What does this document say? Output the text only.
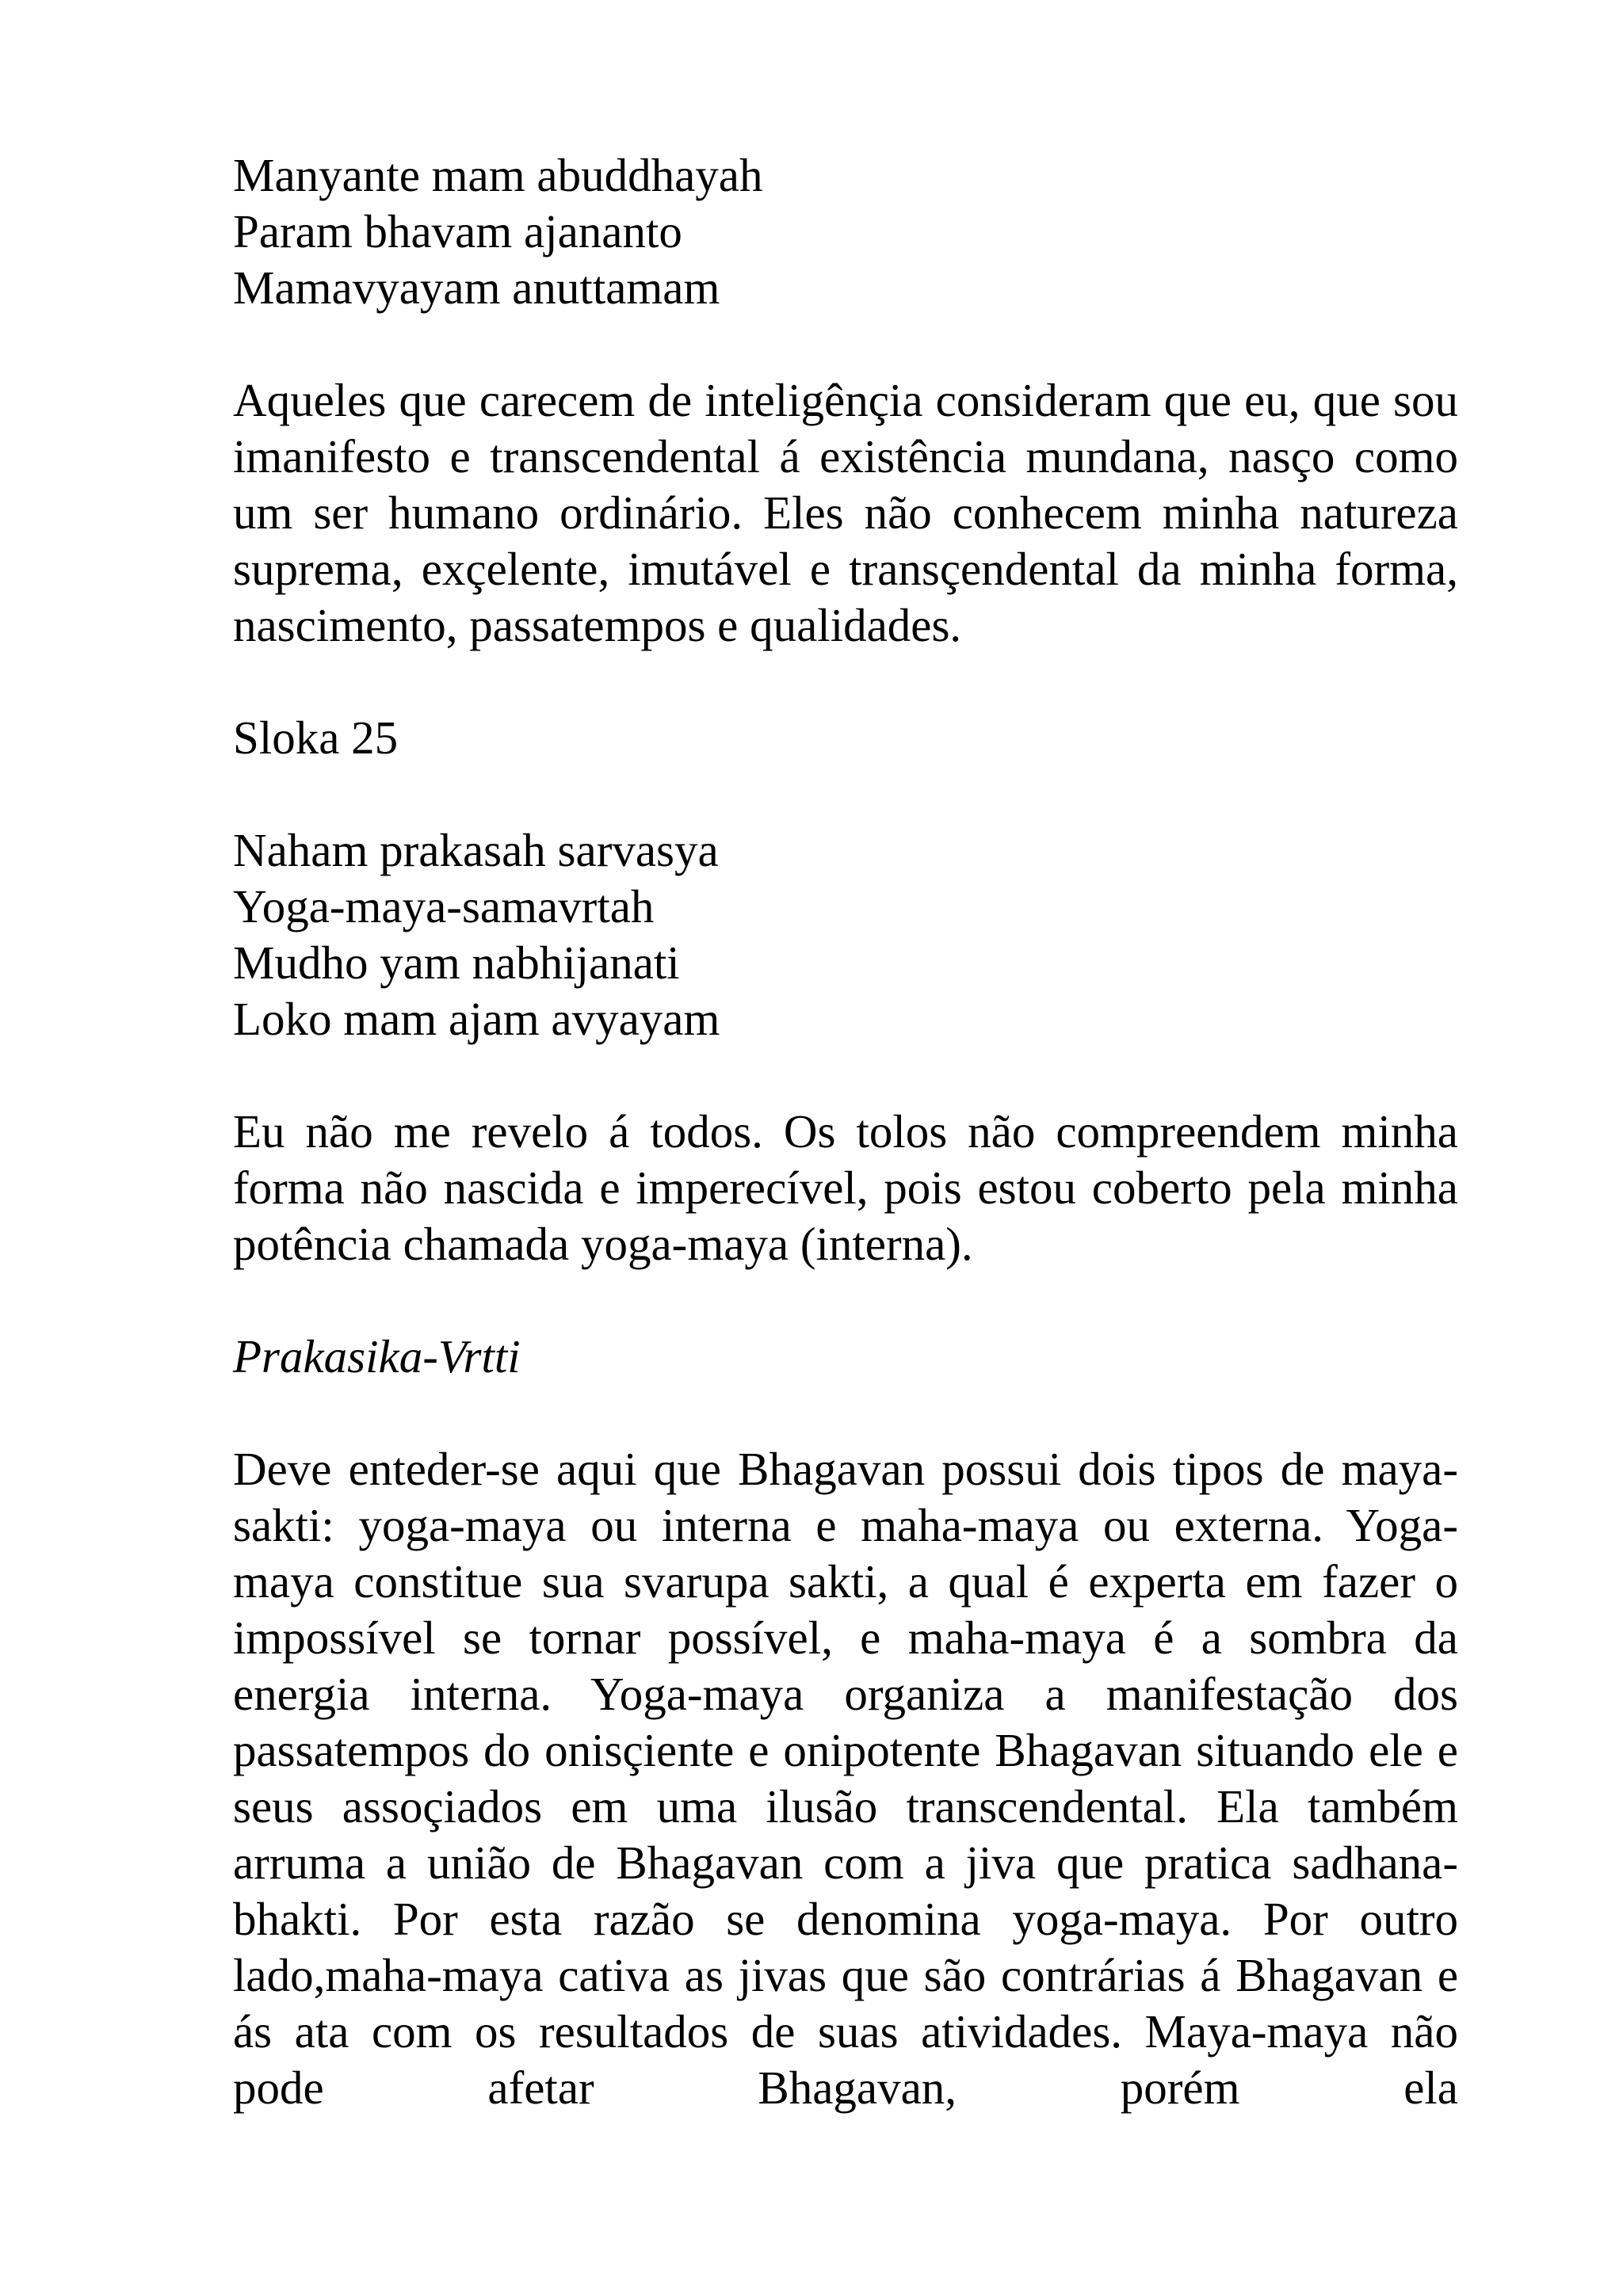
Manyante mam abuddhayah
Param bhavam ajananto
Mamavyayam anuttamam
Aqueles que carecem de inteligênçia consideram que eu, que sou imanifesto e transcendental á existência mundana, nasço como um ser humano ordinário. Eles não conhecem minha natureza suprema, exçelente, imutável e transçendental da minha forma, nascimento, passatempos e qualidades.
Sloka 25
Naham prakasah sarvasya
Yoga-maya-samavrtah
Mudho yam nabhijanati
Loko mam ajam avyayam
Eu não me revelo á todos. Os tolos não compreendem minha forma não nascida e imperecível, pois estou coberto pela minha potência chamada yoga-maya (interna).
Prakasika-Vrtti
Deve enteder-se aqui que Bhagavan possui dois tipos de maya-sakti: yoga-maya ou interna e maha-maya ou externa. Yoga-maya constitue sua svarupa sakti, a qual é experta em fazer o impossível se tornar possível, e maha-maya é a sombra da energia interna. Yoga-maya organiza a manifestação dos passatempos do onisçiente e onipotente Bhagavan situando ele e seus assoçiados em uma ilusão transcendental. Ela também arruma a união de Bhagavan com a jiva que pratica sadhana-bhakti. Por esta razão se denomina yoga-maya. Por outro lado,maha-maya cativa as jivas que são contrárias á Bhagavan e ás ata com os resultados de suas atividades. Maya-maya não pode afetar Bhagavan, porém ela
